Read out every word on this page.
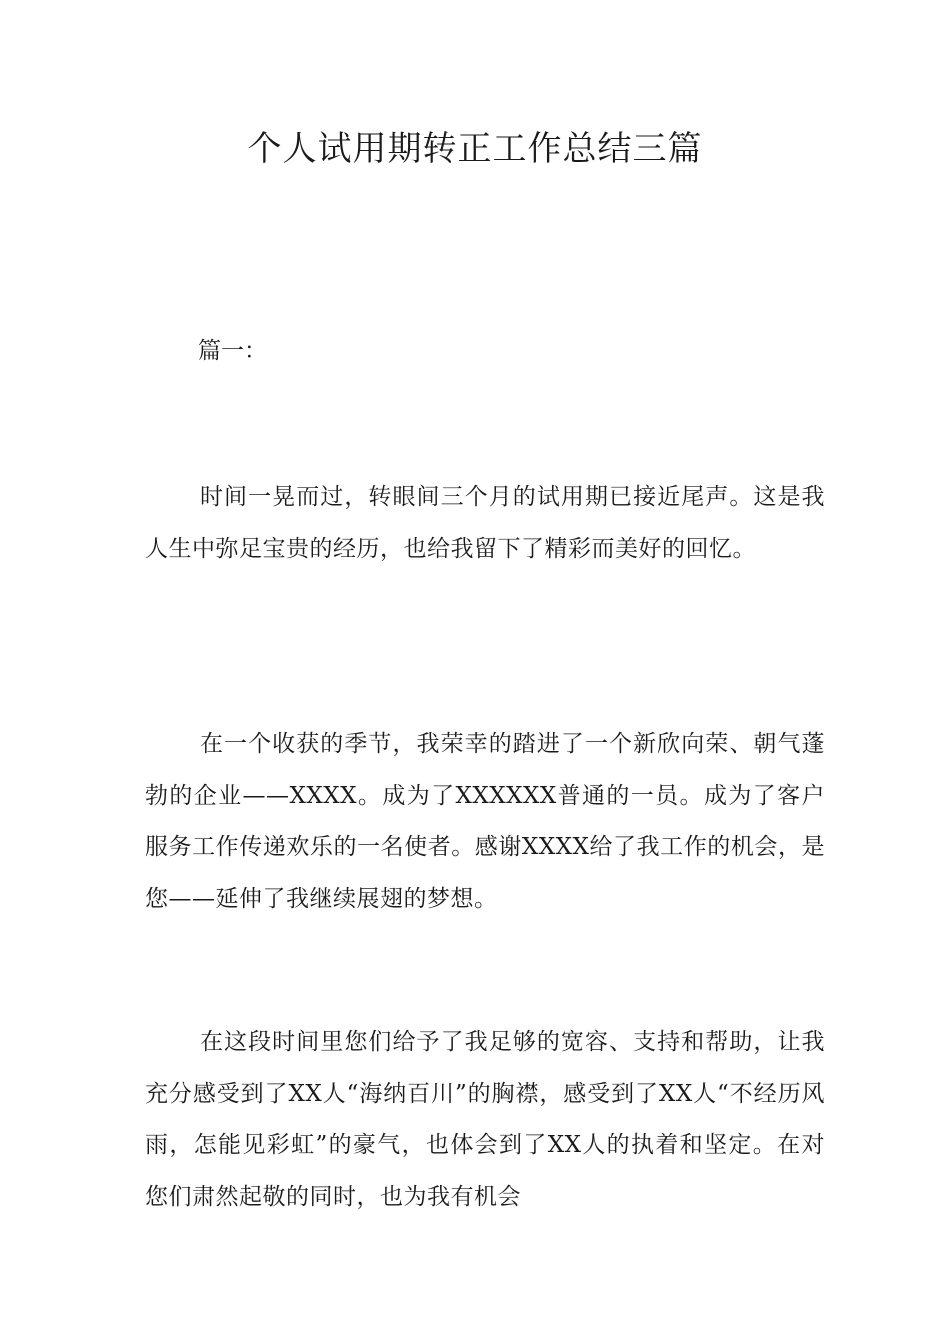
个人试用期转正工作总结三篇

篇一：

时间一晃而过，转眼间三个月的试用期已接近尾声。这是我人生中弥足宝贵的经历，也给我留下了精彩而美好的回忆。

在一个收获的季节，我荣幸的踏进了一个新欣向荣、朝气蓬勃的企业——XXXX。成为了XXXXXX普通的一员。成为了客户服务工作传递欢乐的一名使者。感谢XXXX给了我工作的机会，是您——延伸了我继续展翅的梦想。

在这段时间里您们给予了我足够的宽容、支持和帮助，让我充分感受到了XX人“海纳百川”的胸襟，感受到了XX人“不经历风雨，怎能见彩虹”的豪气，也体会到了XX人的执着和坚定。在对您们肃然起敬的同时，也为我有机会
